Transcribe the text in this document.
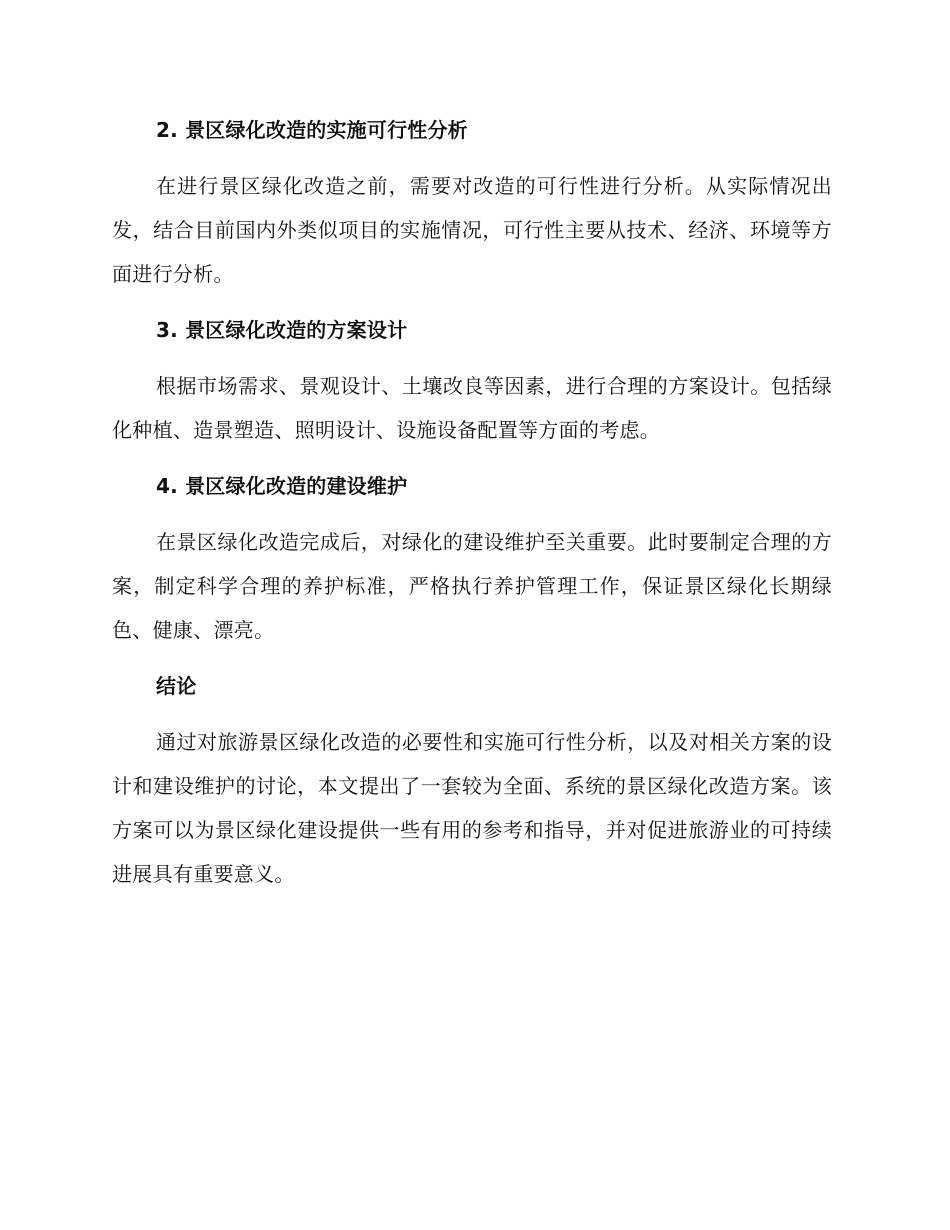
2. 景区绿化改造的实施可行性分析

在进行景区绿化改造之前，需要对改造的可行性进行分析。从实际情况出发，结合目前国内外类似项目的实施情况，可行性主要从技术、经济、环境等方面进行分析。

3. 景区绿化改造的方案设计

根据市场需求、景观设计、土壤改良等因素，进行合理的方案设计。包括绿化种植、造景塑造、照明设计、设施设备配置等方面的考虑。

4. 景区绿化改造的建设维护

在景区绿化改造完成后，对绿化的建设维护至关重要。此时要制定合理的方案，制定科学合理的养护标准，严格执行养护管理工作，保证景区绿化长期绿色、健康、漂亮。

结论

通过对旅游景区绿化改造的必要性和实施可行性分析，以及对相关方案的设计和建设维护的讨论，本文提出了一套较为全面、系统的景区绿化改造方案。该方案可以为景区绿化建设提供一些有用的参考和指导，并对促进旅游业的可持续进展具有重要意义。
